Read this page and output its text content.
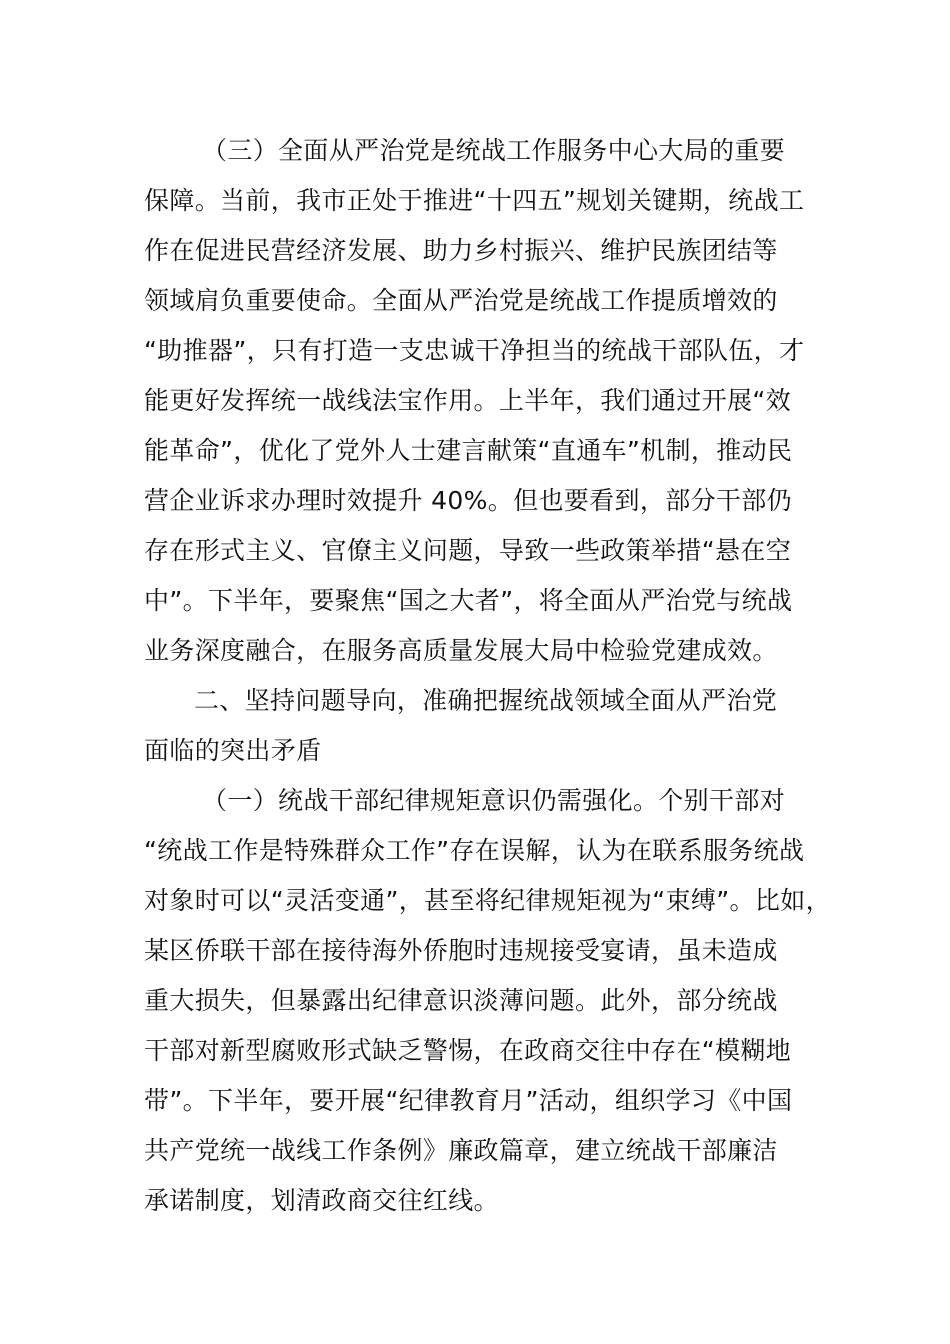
（三）全面从严治党是统战工作服务中心大局的重要
保障。当前，我市正处于推进“十四五”规划关键期，统战工
作在促进民营经济发展、助力乡村振兴、维护民族团结等
领域肩负重要使命。全面从严治党是统战工作提质增效的
“助推器”，只有打造一支忠诚干净担当的统战干部队伍，才
能更好发挥统一战线法宝作用。上半年，我们通过开展“效
能革命”，优化了党外人士建言献策“直通车”机制，推动民
营企业诉求办理时效提升 40%。但也要看到，部分干部仍
存在形式主义、官僚主义问题，导致一些政策举措“悬在空
中”。下半年，要聚焦“国之大者”，将全面从严治党与统战
业务深度融合，在服务高质量发展大局中检验党建成效。
二、坚持问题导向，准确把握统战领域全面从严治党
面临的突出矛盾
（一）统战干部纪律规矩意识仍需强化。个别干部对
“统战工作是特殊群众工作”存在误解，认为在联系服务统战
对象时可以“灵活变通”，甚至将纪律规矩视为“束缚”。比如，
某区侨联干部在接待海外侨胞时违规接受宴请，虽未造成
重大损失，但暴露出纪律意识淡薄问题。此外，部分统战
干部对新型腐败形式缺乏警惕，在政商交往中存在“模糊地
带”。下半年，要开展“纪律教育月”活动，组织学习《中国
共产党统一战线工作条例》廉政篇章，建立统战干部廉洁
承诺制度，划清政商交往红线。
